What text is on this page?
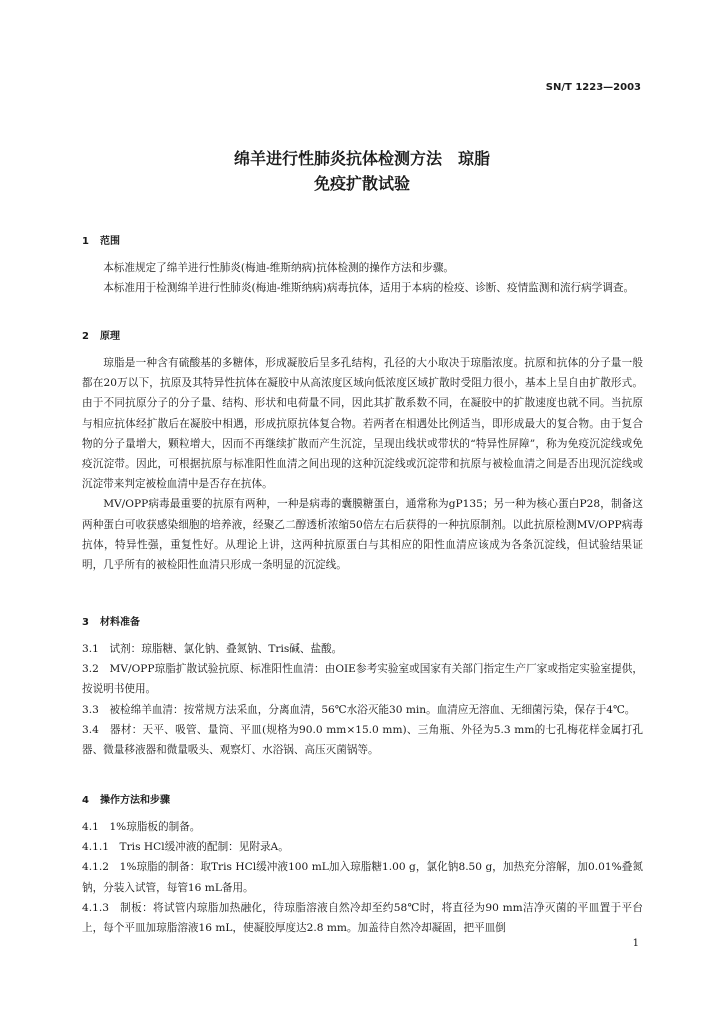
SN/T 1223—2003
绵羊进行性肺炎抗体检测方法　琼脂
免疫扩散试验
1 范围

本标准规定了绵羊进行性肺炎(梅迪-维斯纳病)抗体检测的操作方法和步骤。

本标准用于检测绵羊进行性肺炎(梅迪-维斯纳病)病毒抗体，适用于本病的检疫、诊断、疫情监测和流行病学调查。

2 原理

琼脂是一种含有硫酸基的多糖体，形成凝胶后呈多孔结构，孔径的大小取决于琼脂浓度。抗原和抗体的分子量一般都在20万以下，抗原及其特异性抗体在凝胶中从高浓度区域向低浓度区域扩散时受阻力很小，基本上呈自由扩散形式。由于不同抗原分子的分子量、结构、形状和电荷量不同，因此其扩散系数不同，在凝胶中的扩散速度也就不同。当抗原与相应抗体经扩散后在凝胶中相遇，形成抗原抗体复合物。若两者在相遇处比例适当，即形成最大的复合物。由于复合物的分子量增大，颗粒增大，因而不再继续扩散而产生沉淀，呈现出线状或带状的“特异性屏障”，称为免疫沉淀线或免疫沉淀带。因此，可根据抗原与标准阳性血清之间出现的这种沉淀线或沉淀带和抗原与被检血清之间是否出现沉淀线或沉淀带来判定被检血清中是否存在抗体。

MV/OPP病毒最重要的抗原有两种，一种是病毒的囊膜糖蛋白，通常称为gP135；另一种为核心蛋白P28，制备这两种蛋白可收获感染细胞的培养液，经聚乙二醇透析浓缩50倍左右后获得的一种抗原制剂。以此抗原检测MV/OPP病毒抗体，特异性强，重复性好。从理论上讲，这两种抗原蛋白与其相应的阳性血清应该成为各条沉淀线，但试验结果证明，几乎所有的被检阳性血清只形成一条明显的沉淀线。

3 材料准备

3.1　试剂：琼脂糖、氯化钠、叠氮钠、Tris碱、盐酸。

3.2　MV/OPP琼脂扩散试验抗原、标准阳性血清：由OIE参考实验室或国家有关部门指定生产厂家或指定实验室提供，按说明书使用。

3.3　被检绵羊血清：按常规方法采血，分离血清，56℃水浴灭能30 min。血清应无溶血、无细菌污染，保存于4℃。

3.4　器材：天平、吸管、量筒、平皿(规格为90.0 mm×15.0 mm)、三角瓶、外径为5.3 mm的七孔梅花样金属打孔器、微量移液器和微量吸头、观察灯、水浴锅、高压灭菌锅等。

4 操作方法和步骤

4.1　1%琼脂板的制备。

4.1.1　Tris HCl缓冲液的配制：见附录A。

4.1.2　1%琼脂的制备：取Tris HCl缓冲液100 mL加入琼脂糖1.00 g，氯化钠8.50 g，加热充分溶解，加0.01%叠氮钠，分装入试管，每管16 mL备用。

4.1.3　制板：将试管内琼脂加热融化，待琼脂溶液自然冷却至约58℃时，将直径为90 mm洁净灭菌的平皿置于平台上，每个平皿加琼脂溶液16 mL，使凝胶厚度达2.8 mm。加盖待自然冷却凝固，把平皿倒

1
